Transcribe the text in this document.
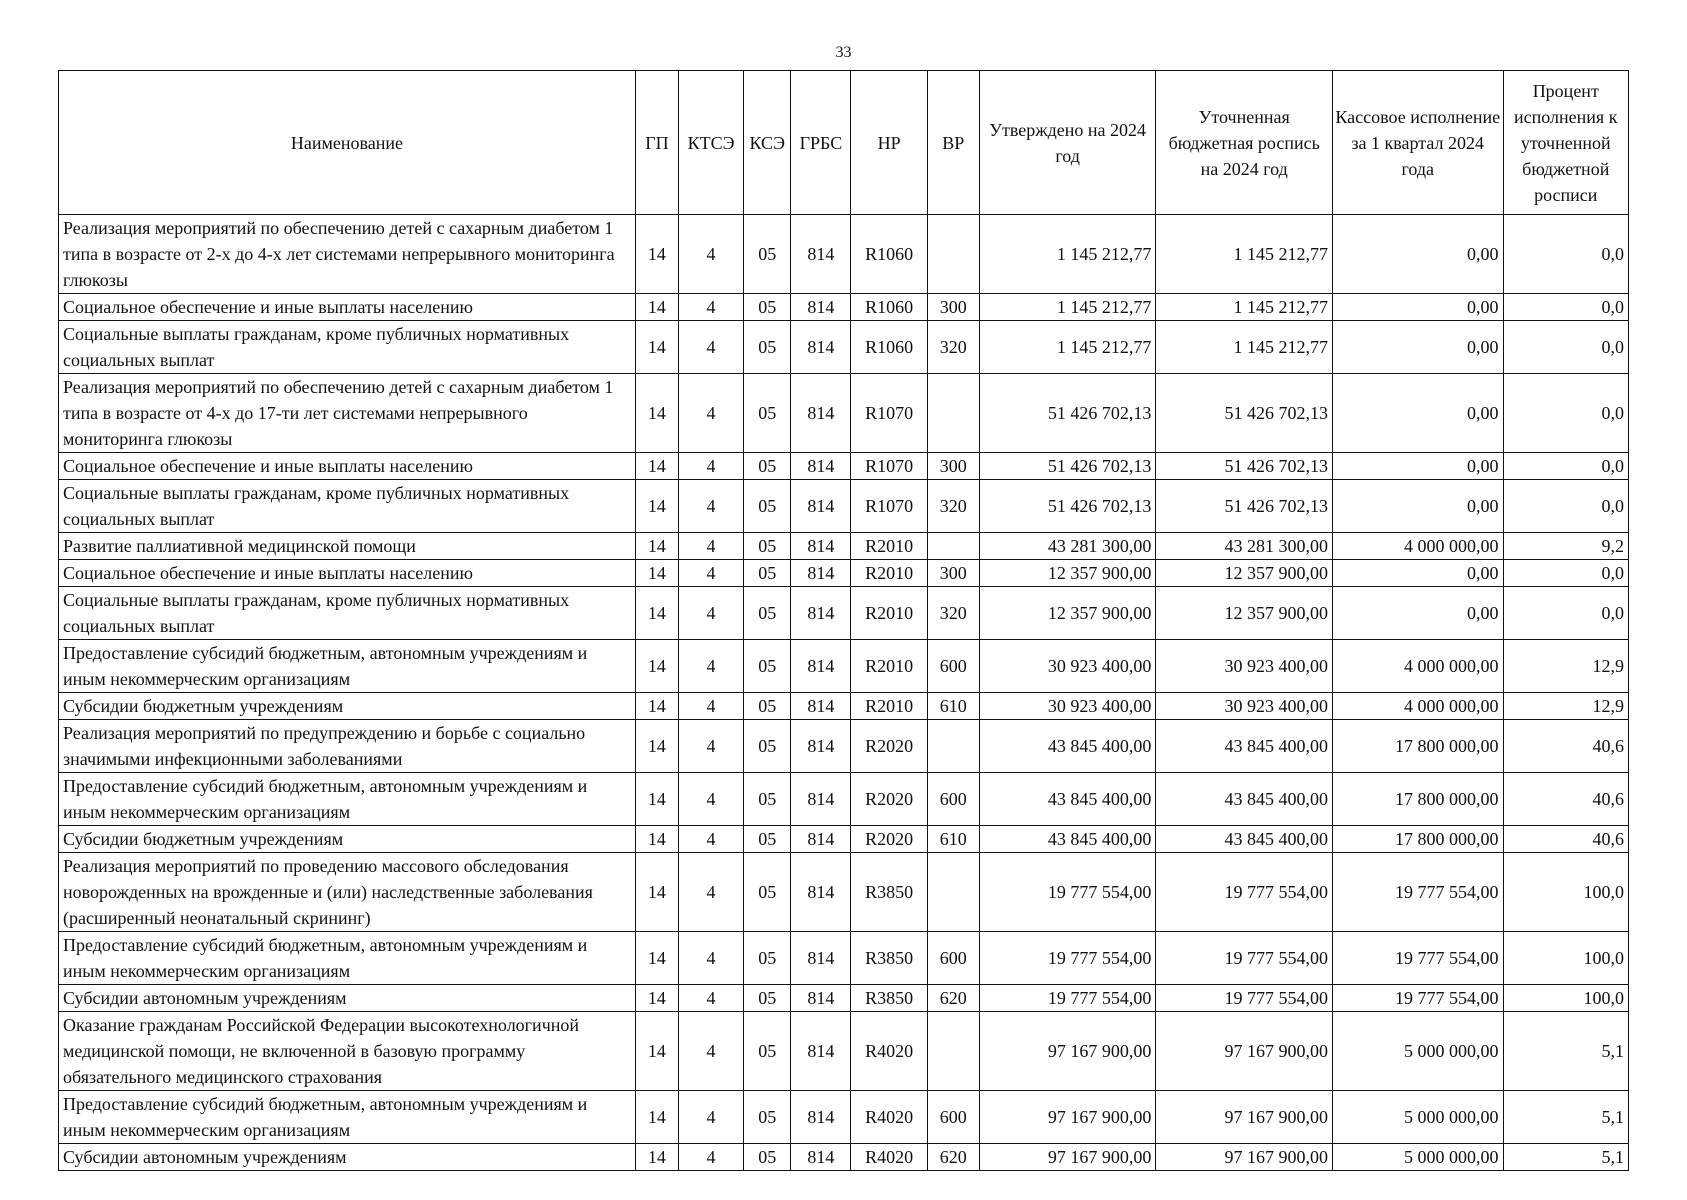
33
Наименование	ГП	КТСЭ	КСЭ	ГРБС	НР	ВР	Утверждено на 2024 год	Уточненная бюджетная роспись на 2024 год	Кассовое исполнение за 1 квартал 2024 года	Процент исполнения к уточненной бюджетной росписи
Реализация мероприятий по обеспечению детей с сахарным диабетом 1 типа в возрасте от 2-х до 4-х лет системами непрерывного мониторинга глюкозы	14	4	05	814	R1060		1 145 212,77	1 145 212,77	0,00	0,0
Социальное обеспечение и иные выплаты населению	14	4	05	814	R1060	300	1 145 212,77	1 145 212,77	0,00	0,0
Социальные выплаты гражданам, кроме публичных нормативных социальных выплат	14	4	05	814	R1060	320	1 145 212,77	1 145 212,77	0,00	0,0
Реализация мероприятий по обеспечению детей с сахарным диабетом 1 типа в возрасте от 4-х до 17-ти лет системами непрерывного мониторинга глюкозы	14	4	05	814	R1070		51 426 702,13	51 426 702,13	0,00	0,0
Социальное обеспечение и иные выплаты населению	14	4	05	814	R1070	300	51 426 702,13	51 426 702,13	0,00	0,0
Социальные выплаты гражданам, кроме публичных нормативных социальных выплат	14	4	05	814	R1070	320	51 426 702,13	51 426 702,13	0,00	0,0
Развитие паллиативной медицинской помощи	14	4	05	814	R2010		43 281 300,00	43 281 300,00	4 000 000,00	9,2
Социальное обеспечение и иные выплаты населению	14	4	05	814	R2010	300	12 357 900,00	12 357 900,00	0,00	0,0
Социальные выплаты гражданам, кроме публичных нормативных социальных выплат	14	4	05	814	R2010	320	12 357 900,00	12 357 900,00	0,00	0,0
Предоставление субсидий бюджетным, автономным учреждениям и иным некоммерческим организациям	14	4	05	814	R2010	600	30 923 400,00	30 923 400,00	4 000 000,00	12,9
Субсидии бюджетным учреждениям	14	4	05	814	R2010	610	30 923 400,00	30 923 400,00	4 000 000,00	12,9
Реализация мероприятий по предупреждению и борьбе с социально значимыми инфекционными заболеваниями	14	4	05	814	R2020		43 845 400,00	43 845 400,00	17 800 000,00	40,6
Предоставление субсидий бюджетным, автономным учреждениям и иным некоммерческим организациям	14	4	05	814	R2020	600	43 845 400,00	43 845 400,00	17 800 000,00	40,6
Субсидии бюджетным учреждениям	14	4	05	814	R2020	610	43 845 400,00	43 845 400,00	17 800 000,00	40,6
Реализация мероприятий по проведению массового обследования новорожденных на врожденные и (или) наследственные заболевания (расширенный неонатальный скрининг)	14	4	05	814	R3850		19 777 554,00	19 777 554,00	19 777 554,00	100,0
Предоставление субсидий бюджетным, автономным учреждениям и иным некоммерческим организациям	14	4	05	814	R3850	600	19 777 554,00	19 777 554,00	19 777 554,00	100,0
Субсидии автономным учреждениям	14	4	05	814	R3850	620	19 777 554,00	19 777 554,00	19 777 554,00	100,0
Оказание гражданам Российской Федерации высокотехнологичной медицинской помощи, не включенной в базовую программу обязательного медицинского страхования	14	4	05	814	R4020		97 167 900,00	97 167 900,00	5 000 000,00	5,1
Предоставление субсидий бюджетным, автономным учреждениям и иным некоммерческим организациям	14	4	05	814	R4020	600	97 167 900,00	97 167 900,00	5 000 000,00	5,1
Субсидии автономным учреждениям	14	4	05	814	R4020	620	97 167 900,00	97 167 900,00	5 000 000,00	5,1
